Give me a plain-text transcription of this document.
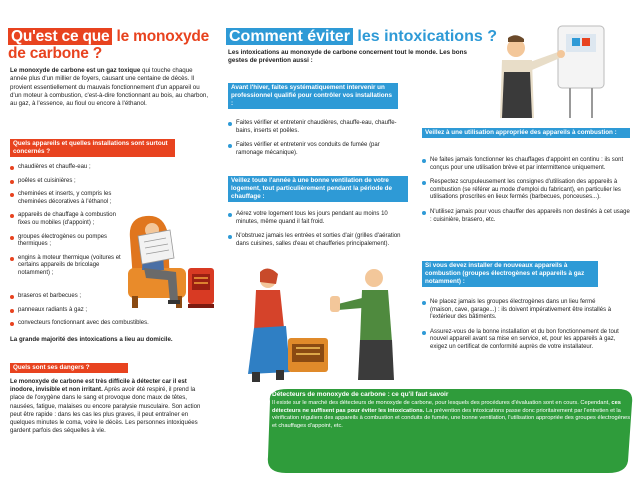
Qu'est ce que le monoxyde
de carbone ?

Le monoxyde de carbone est un gaz toxique qui touche chaque année plus d'un millier de foyers, causant une centaine de décès. Il provient essentiellement du mauvais fonctionnement d'un appareil ou d'un moteur à combustion, c'est-à-dire fonctionnant au bois, au charbon, au gaz, à l'essence, au fioul ou encore à l'éthanol.

Quels appareils et quelles installations sont surtout concernés ?
chaudières et chauffe-eau ;
poêles et cuisinières ;
cheminées et inserts, y compris les cheminées décoratives à l'éthanol ;
appareils de chauffage à combustion fixes ou mobiles (d'appoint) ;
groupes électrogènes ou pompes thermiques ;
engins à moteur thermique (voitures et certains appareils de bricolage notamment) ;
braseros et barbecues ;
panneaux radiants à gaz ;
convecteurs fonctionnant avec des combustibles.

La grande majorité des intoxications a lieu au domicile.

Quels sont ses dangers ?

Le monoxyde de carbone est très difficile à détecter car il est inodore, invisible et non irritant. Après avoir été respiré, il prend la place de l'oxygène dans le sang et provoque donc maux de têtes, nausées, fatigue, malaises ou encore paralysie musculaire. Son action peut être rapide : dans les cas les plus graves, il peut entraîner en quelques minutes le coma, voire le décès. Les personnes intoxiquées gardent parfois des séquelles à vie.

Comment éviter les intoxications ?

Les intoxications au monoxyde de carbone concernent tout le monde. Les bons gestes de prévention aussi :

Avant l'hiver, faites systématiquement intervenir un professionnel qualifié pour contrôler vos installations :
Faites vérifier et entretenir chaudières, chauffe-eau, chauffe-bains, inserts et poêles.
Faites vérifier et entretenir vos conduits de fumée (par ramonage mécanique).
Veillez toute l'année à une bonne ventilation de votre logement, tout particulièrement pendant la période de chauffage :
Aérez votre logement tous les jours pendant au moins 10 minutes, même quand il fait froid.
N'obstruez jamais les entrées et sorties d'air (grilles d'aération dans cuisines, salles d'eau et chaufferies principalement).
Veillez à une utilisation appropriée des appareils à combustion :
Ne faites jamais fonctionner les chauffages d'appoint en continu : ils sont conçus pour une utilisation brève et par intermittence uniquement.
Respectez scrupuleusement les consignes d'utilisation des appareils à combustion (se référer au mode d'emploi du fabricant), en particulier les utilisations proscrites en lieux fermés (barbecues, ponceuses...).
N'utilisez jamais pour vous chauffer des appareils non destinés à cet usage : cuisinière, brasero, etc.
Si vous devez installer de nouveaux appareils à combustion (groupes électrogènes et appareils à gaz notamment) :
Ne placez jamais les groupes électrogènes dans un lieu fermé (maison, cave, garage...) : ils doivent impérativement être installés à l'extérieur des bâtiments.
Assurez-vous de la bonne installation et du bon fonctionnement de tout nouvel appareil avant sa mise en service, et, pour les appareils à gaz, exigez un certificat de conformité auprès de votre installateur.
Détecteurs de monoxyde de carbone : ce qu'il faut savoir

Il existe sur le marché des détecteurs de monoxyde de carbone, pour lesquels des procédures d'évaluation sont en cours. Cependant, ces détecteurs ne suffisent pas pour éviter les intoxications. La prévention des intoxications passe donc prioritairement par l'entretien et la vérification réguliers des appareils à combustion et conduits de fumée, une bonne ventilation, l'utilisation appropriée des groupes électrogènes et chauffages d'appoint, etc.
